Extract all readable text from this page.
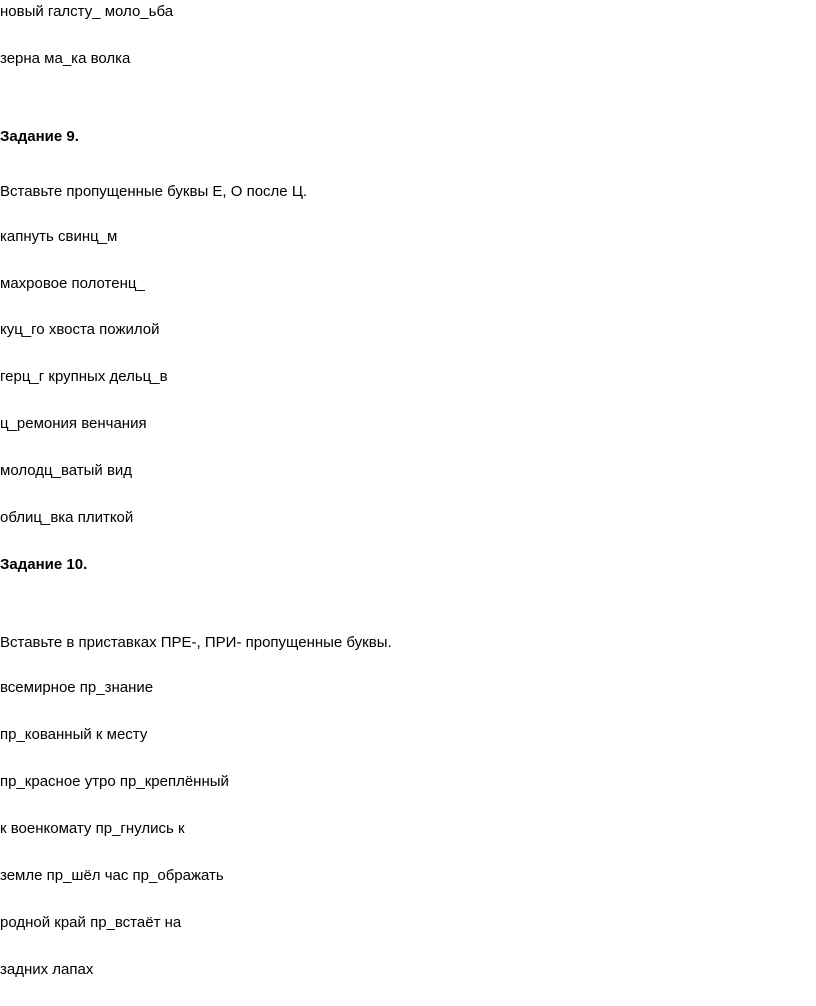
новый галсту_ моло_ьба

зерна ма_ка волка

Задание 9.

Вставьте пропущенные буквы Е, О после Ц.

капнуть свинц_м

махровое полотенц_

куц_го хвоста пожилой

герц_г крупных дельц_в

ц_ремония венчания

молодц_ватый вид

облиц_вка плиткой

Задание 10.

Вставьте в приставках ПРЕ-, ПРИ- пропущенные буквы.

всемирное пр_знание

пр_кованный к месту

пр_красное утро пр_креплённый

к военкомату пр_гнулись к

земле пр_шёл час пр_ображать

родной край пр_встаёт на

задних лапах
